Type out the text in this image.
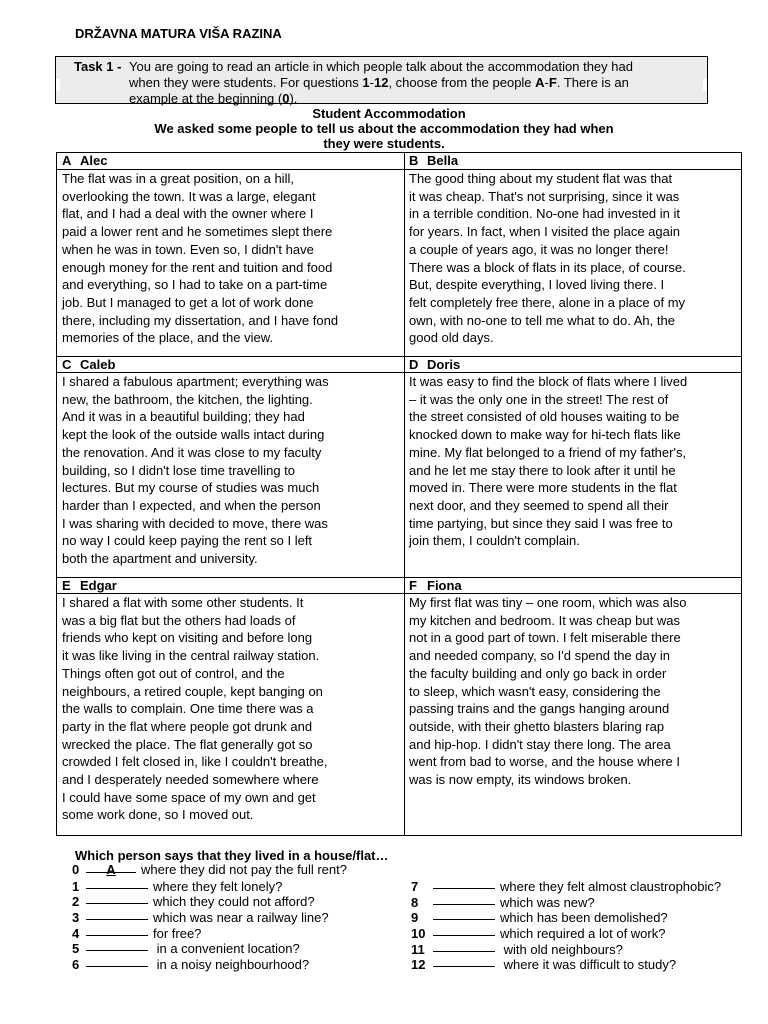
DRŽAVNA MATURA VIŠA RAZINA
Task 1 - You are going to read an article in which people talk about the accommodation they had
when they were students. For questions 1-12, choose from the people A-F. There is an
example at the beginning (0).
Student Accommodation
We asked some people to tell us about the accommodation they had when
they were students.
A Alec	B Bella
The flat was in a great position, on a hill,
overlooking the town. It was a large, elegant
flat, and I had a deal with the owner where I
paid a lower rent and he sometimes slept there
when he was in town. Even so, I didn't have
enough money for the rent and tuition and food
and everything, so I had to take on a part-time
job. But I managed to get a lot of work done
there, including my dissertation, and I have fond
memories of the place, and the view.
The good thing about my student flat was that
it was cheap. That's not surprising, since it was
in a terrible condition. No-one had invested in it
for years. In fact, when I visited the place again
a couple of years ago, it was no longer there!
There was a block of flats in its place, of course.
But, despite everything, I loved living there. I
felt completely free there, alone in a place of my
own, with no-one to tell me what to do. Ah, the
good old days.
C Caleb	D Doris
I shared a fabulous apartment; everything was
new, the bathroom, the kitchen, the lighting.
And it was in a beautiful building; they had
kept the look of the outside walls intact during
the renovation. And it was close to my faculty
building, so I didn't lose time travelling to
lectures. But my course of studies was much
harder than I expected, and when the person
I was sharing with decided to move, there was
no way I could keep paying the rent so I left
both the apartment and university.
It was easy to find the block of flats where I lived
– it was the only one in the street! The rest of
the street consisted of old houses waiting to be
knocked down to make way for hi-tech flats like
mine. My flat belonged to a friend of my father's,
and he let me stay there to look after it until he
moved in. There were more students in the flat
next door, and they seemed to spend all their
time partying, but since they said I was free to
join them, I couldn't complain.
E Edgar	F Fiona
I shared a flat with some other students. It
was a big flat but the others had loads of
friends who kept on visiting and before long
it was like living in the central railway station.
Things often got out of control, and the
neighbours, a retired couple, kept banging on
the walls to complain. One time there was a
party in the flat where people got drunk and
wrecked the place. The flat generally got so
crowded I felt closed in, like I couldn't breathe,
and I desperately needed somewhere where
I could have some space of my own and get
some work done, so I moved out.
My first flat was tiny – one room, which was also
my kitchen and bedroom. It was cheap but was
not in a good part of town. I felt miserable there
and needed company, so I'd spend the day in
the faculty building and only go back in order
to sleep, which wasn't easy, considering the
passing trains and the gangs hanging around
outside, with their ghetto blasters blaring rap
and hip-hop. I didn't stay there long. The area
went from bad to worse, and the house where I
was is now empty, its windows broken.
Which person says that they lived in a house/flat…
0 A where they did not pay the full rent?
1	where they felt lonely?
2	which they could not afford?
3	which was near a railway line?
4	for free?
5	in a convenient location?
6	in a noisy neighbourhood?
7	where they felt almost claustrophobic?
8	which was new?
9	which has been demolished?
10	which required a lot of work?
11	with old neighbours?
12	where it was difficult to study?
